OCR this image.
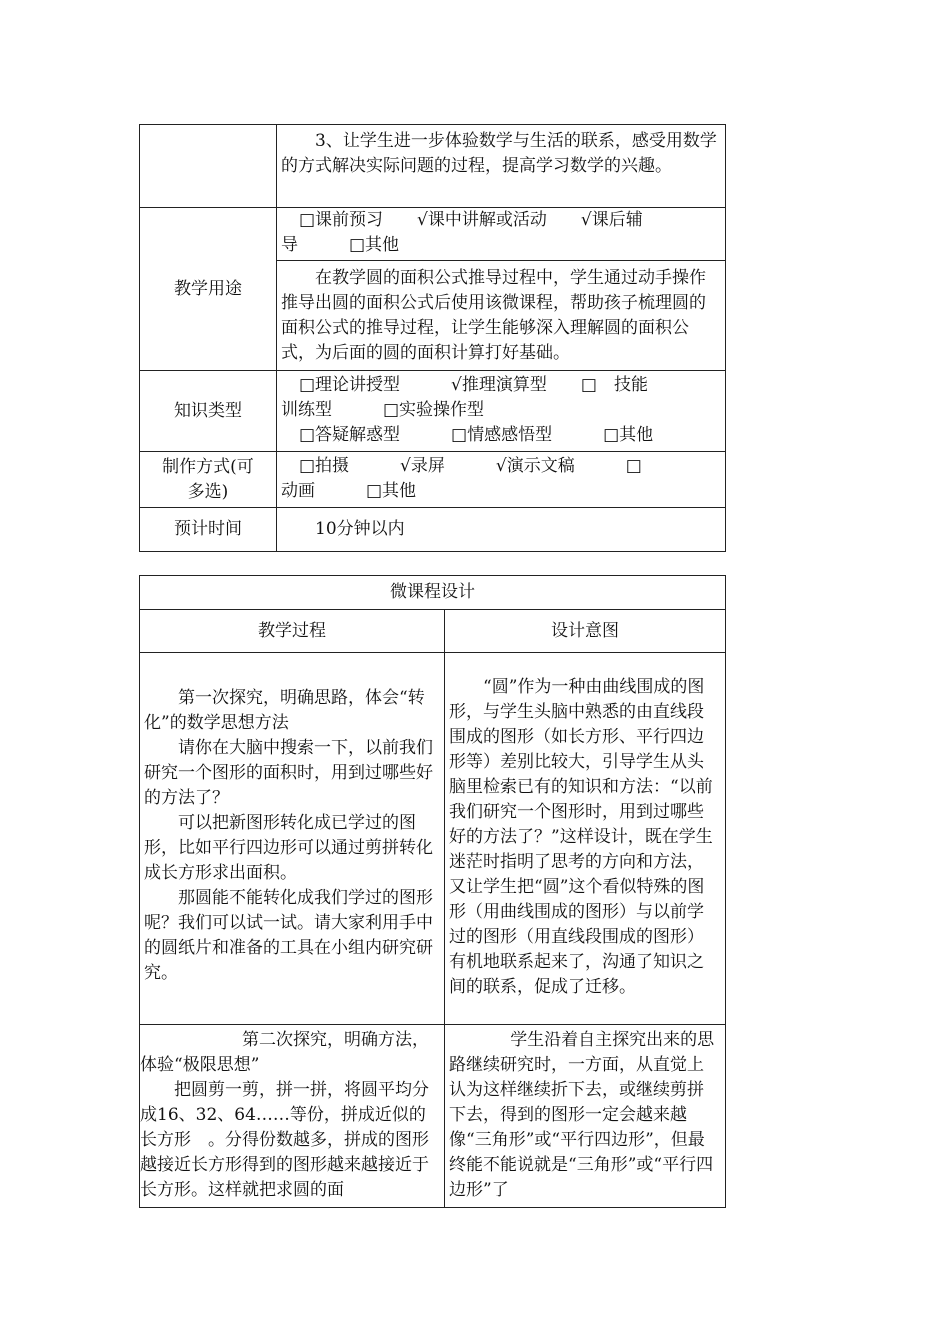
	3、让学生进一步体验数学与生活的联系，感受用数学的方式解决实际问题的过程，提高学习数学的兴趣。
教学用途	□课前预习　　√课中讲解或活动　　√课后辅
导　　　□其他

	在教学圆的面积公式推导过程中，学生通过动手操作推导出圆的面积公式后使用该微课程，帮助孩子梳理圆的面积公式的推导过程，让学生能够深入理解圆的面积公式，为后面的圆的面积计算打好基础。
知识类型	□理论讲授型　　　√推理演算型　　□　技能
训练型　　　□实验操作型
□答疑解惑型　　　□情感感悟型　　　□其他

制作方式(可多选)	□拍摄　　　√录屏　　　√演示文稿　　　□
动画　　　□其他

预计时间	10分钟以内
微课程设计	
教学过程	设计意图

第一次探究，明确思路，体会“转化”的数学思想方法
请你在大脑中搜索一下，以前我们研究一个图形的面积时，用到过哪些好的方法了？
可以把新图形转化成已学过的图形，比如平行四边形可以通过剪拼转化成长方形求出面积。
那圆能不能转化成我们学过的图形呢？我们可以试一试。请大家利用手中的圆纸片和准备的工具在小组内研究研究。	“圆”作为一种由曲线围成的图形，与学生头脑中熟悉的由直线段围成的图形（如长方形、平行四边形等）差别比较大，引导学生从头脑里检索已有的知识和方法：“以前我们研究一个图形时，用到过哪些好的方法了？”这样设计，既在学生迷茫时指明了思考的方向和方法，又让学生把“圆”这个看似特殊的图形（用曲线围成的图形）与以前学过的图形（用直线段围成的图形）有机地联系起来了，沟通了知识之间的联系，促成了迁移。

第二次探究，明确方法，体验“极限思想”
把圆剪一剪，拼一拼，将圆平均分成16、32、64……等份，拼成近似的长方形　。分得份数越多，拼成的图形越接近长方形得到的图形越来越接近于长方形。这样就把求圆的面	学生沿着自主探究出来的思路继续研究时，一方面，从直觉上认为这样继续折下去，或继续剪拼下去，得到的图形一定会越来越像“三角形”或“平行四边形”，但最终能不能说就是“三角形”或“平行四边形”了
